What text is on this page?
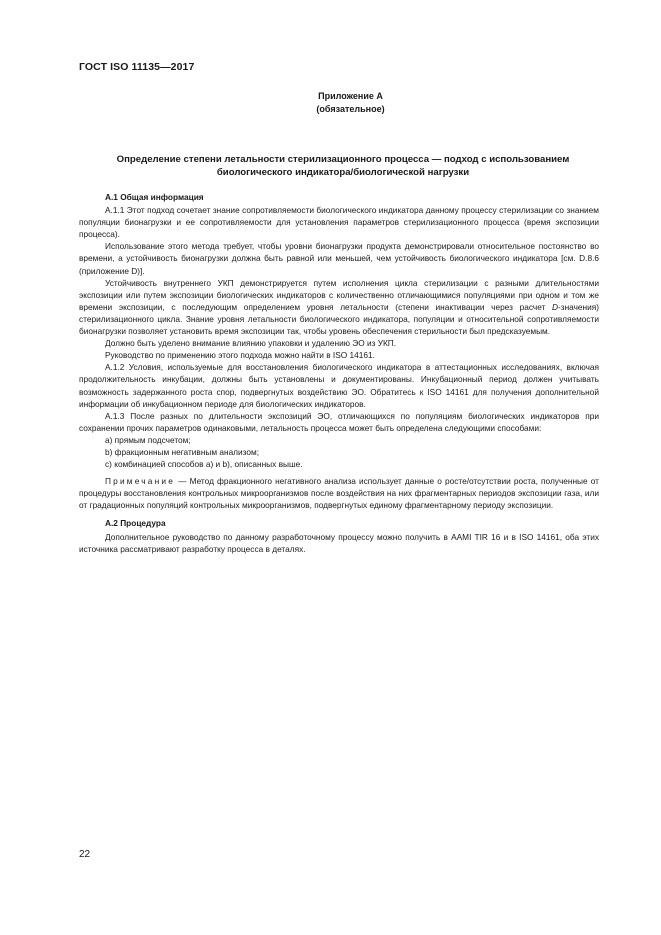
ГОСТ ISO 11135—2017
Приложение А
(обязательное)
Определение степени летальности стерилизационного процесса — подход с использованием
биологического индикатора/биологической нагрузки

А.1 Общая информация

А.1.1 Этот подход сочетает знание сопротивляемости биологического индикатора данному процессу стерилизации со знанием популяции бионагрузки и ее сопротивляемости для установления параметров стерилизационного процесса (время экспозиции процесса).

Использование этого метода требует, чтобы уровни бионагрузки продукта демонстрировали относительное постоянство во времени, а устойчивость бионагрузки должна быть равной или меньшей, чем устойчивость биологического индикатора [см. D.8.6 (приложение D)].

Устойчивость внутреннего УКП демонстрируется путем исполнения цикла стерилизации с разными длительностями экспозиции или путем экспозиции биологических индикаторов с количественно отличающимися популяциями при одном и том же времени экспозиции, с последующим определением уровня летальности (степени инактивации через расчет D-значения) стерилизационного цикла. Знание уровня летальности биологического индикатора, популяции и относительной сопротивляемости бионагрузки позволяет установить время экспозиции так, чтобы уровень обеспечения стерильности был предсказуемым.

Должно быть уделено внимание влиянию упаковки и удалению ЭО из УКП.

Руководство по применению этого подхода можно найти в ISO 14161.

А.1.2 Условия, используемые для восстановления биологического индикатора в аттестационных исследованиях, включая продолжительность инкубации, должны быть установлены и документированы. Инкубационный период должен учитывать возможность задержанного роста спор, подвергнутых воздействию ЭО. Обратитесь к ISO 14161 для получения дополнительной информации об инкубационном периоде для биологических индикаторов.

А.1.3 После разных по длительности экспозиций ЭО, отличающихся по популяциям биологических индикаторов при сохранении прочих параметров одинаковыми, летальность процесса может быть определена следующими способами:

a) прямым подсчетом;

b) фракционным негативным анализом;

c) комбинацией способов a) и b), описанных выше.

Примечание — Метод фракционного негативного анализа использует данные о росте/отсутствии роста, полученные от процедуры восстановления контрольных микроорганизмов после воздействия на них фрагментарных периодов экспозиции газа, или от градационных популяций контрольных микроорганизмов, подвергнутых единому фрагментарному периоду экспозиции.

А.2 Процедура

Дополнительное руководство по данному разработочному процессу можно получить в AAMI TIR 16 и в ISO 14161, оба этих источника рассматривают разработку процесса в деталях.

22
